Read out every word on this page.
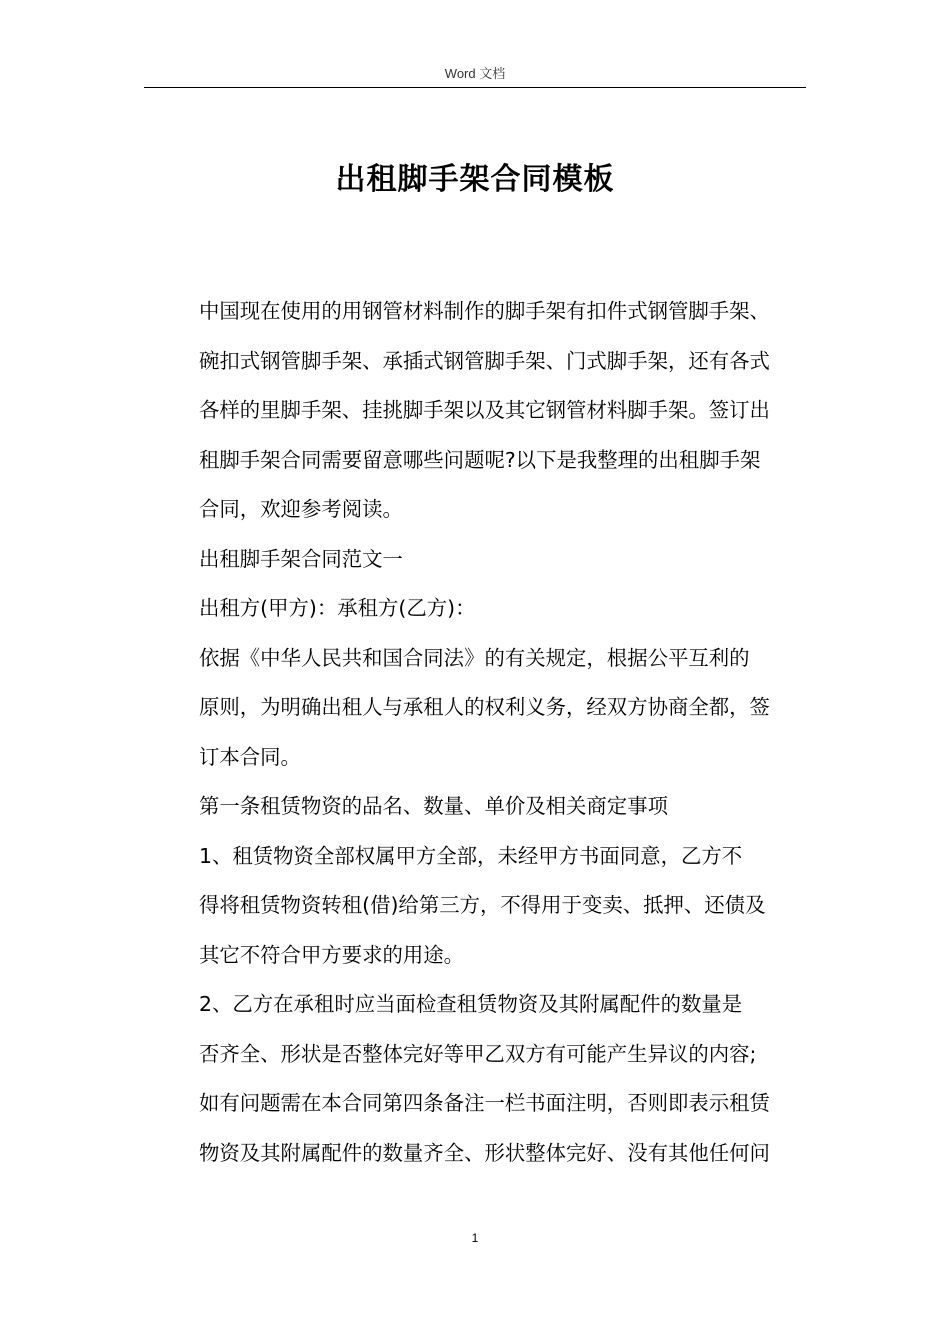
Word 文档
出租脚手架合同模板
中国现在使用的用钢管材料制作的脚手架有扣件式钢管脚手架、
碗扣式钢管脚手架、承插式钢管脚手架、门式脚手架，还有各式
各样的里脚手架、挂挑脚手架以及其它钢管材料脚手架。签订出
租脚手架合同需要留意哪些问题呢?以下是我整理的出租脚手架
合同，欢迎参考阅读。
出租脚手架合同范文一
出租方(甲方)：承租方(乙方)：
依据《中华人民共和国合同法》的有关规定，根据公平互利的
原则，为明确出租人与承租人的权利义务，经双方协商全都，签
订本合同。
第一条租赁物资的品名、数量、单价及相关商定事项
1、租赁物资全部权属甲方全部，未经甲方书面同意，乙方不
得将租赁物资转租(借)给第三方，不得用于变卖、抵押、还债及
其它不符合甲方要求的用途。
2、乙方在承租时应当面检查租赁物资及其附属配件的数量是
否齐全、形状是否整体完好等甲乙双方有可能产生异议的内容;
如有问题需在本合同第四条备注一栏书面注明，否则即表示租赁
物资及其附属配件的数量齐全、形状整体完好、没有其他任何问
1
